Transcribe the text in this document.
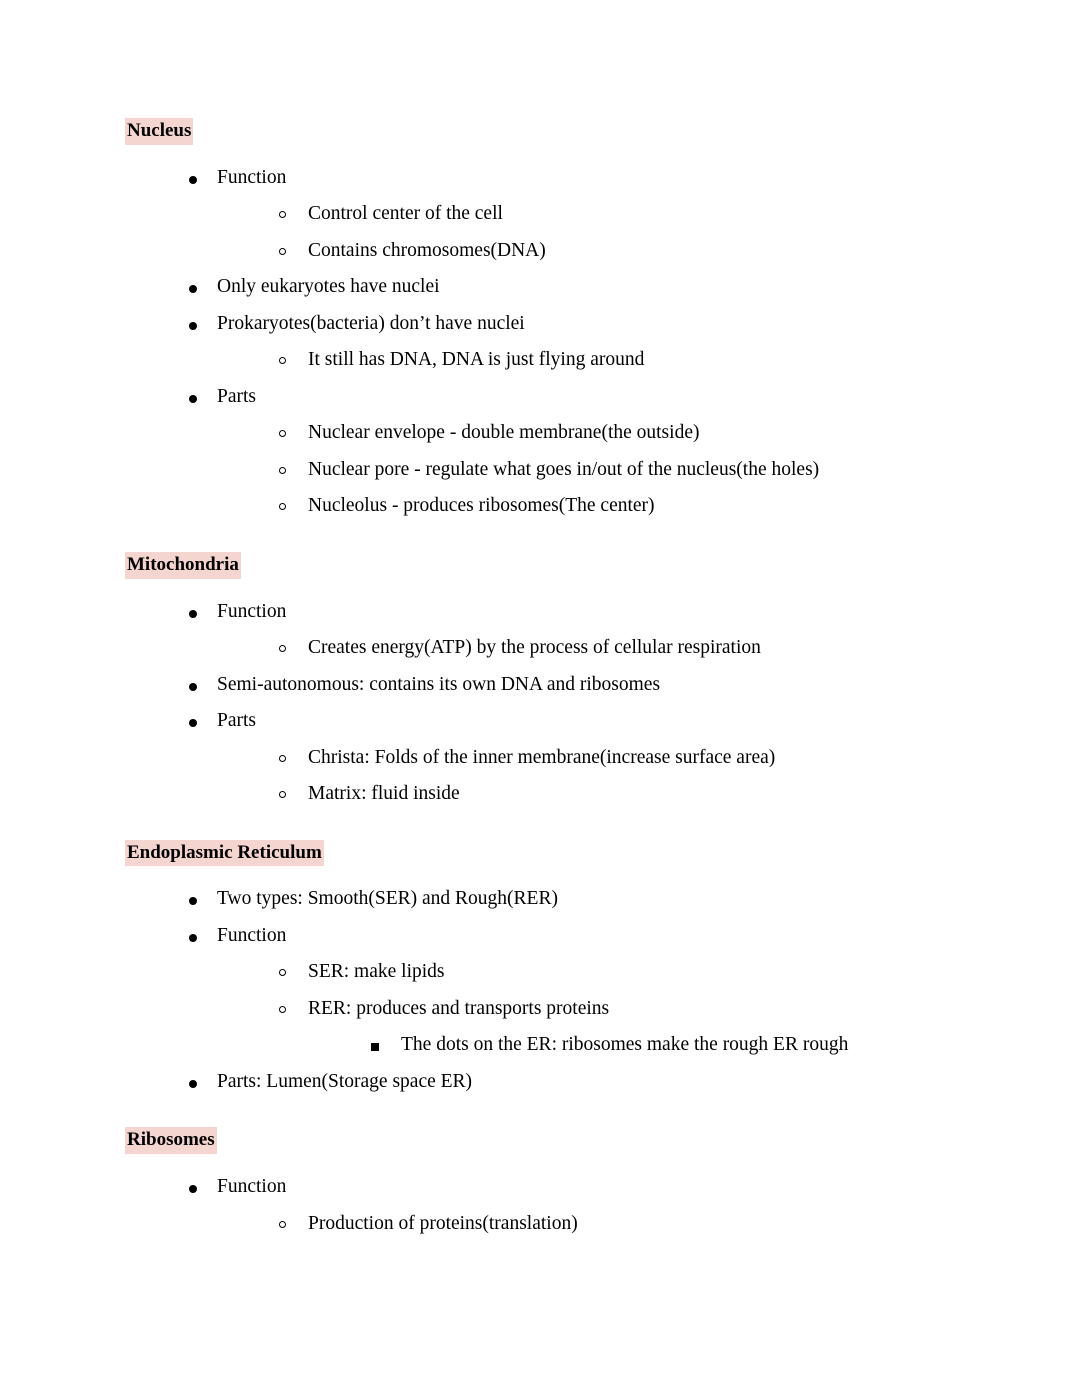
Nucleus
Function
Control center of the cell
Contains chromosomes(DNA)
Only eukaryotes have nuclei
Prokaryotes(bacteria) don’t have nuclei
It still has DNA, DNA is just flying around
Parts
Nuclear envelope - double membrane(the outside)
Nuclear pore - regulate what goes in/out of the nucleus(the holes)
Nucleolus - produces ribosomes(The center)
Mitochondria
Function
Creates energy(ATP) by the process of cellular respiration
Semi-autonomous: contains its own DNA and ribosomes
Parts
Christa: Folds of the inner membrane(increase surface area)
Matrix: fluid inside
Endoplasmic Reticulum
Two types: Smooth(SER) and Rough(RER)
Function
SER: make lipids
RER: produces and transports proteins
The dots on the ER: ribosomes make the rough ER rough
Parts: Lumen(Storage space ER)
Ribosomes
Function
Production of proteins(translation)
